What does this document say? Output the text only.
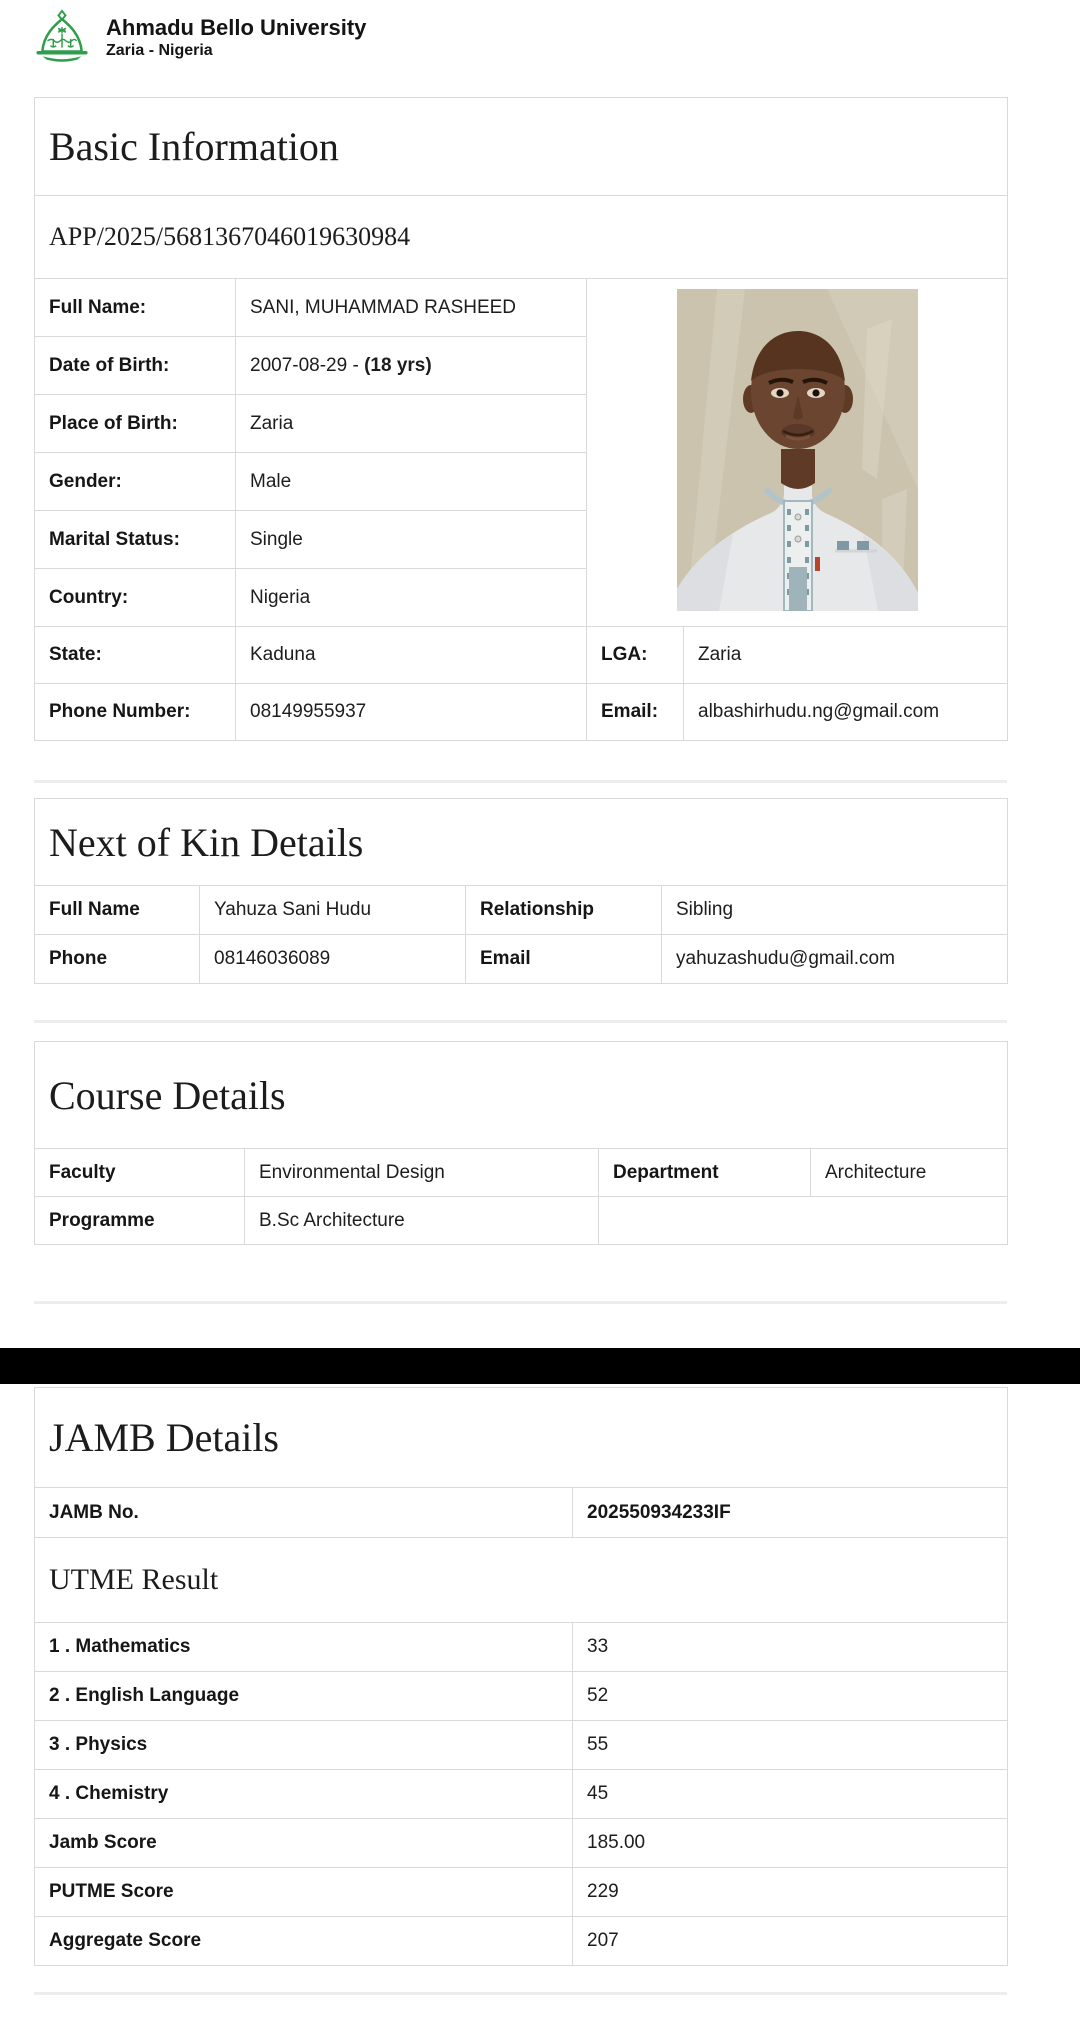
Ahmadu Bello University
Zaria - Nigeria
Basic Information			
APP/2025/5681367046019630984			
Full Name:	SANI, MUHAMMAD RASHEED	
Date of Birth:	2007-08-29 - (18 yrs)		
Place of Birth:	Zaria		
Gender:	Male		
Marital Status:	Single		
Country:	Nigeria		
State:	Kaduna	LGA:	Zaria
Phone Number:	08149955937	Email:	albashirhudu.ng@gmail.com
Next of Kin Details			
Full Name	Yahuza Sani Hudu	Relationship	Sibling
Phone	08146036089	Email	yahuzashudu@gmail.com
Course Details			
Faculty	Environmental Design	Department	Architecture
Programme	B.Sc Architecture		
JAMB Details	
JAMB No.	202550934233IF
UTME Result	
1 . Mathematics	33
2 . English Language	52
3 . Physics	55
4 . Chemistry	45
Jamb Score	185.00
PUTME Score	229
Aggregate Score	207
